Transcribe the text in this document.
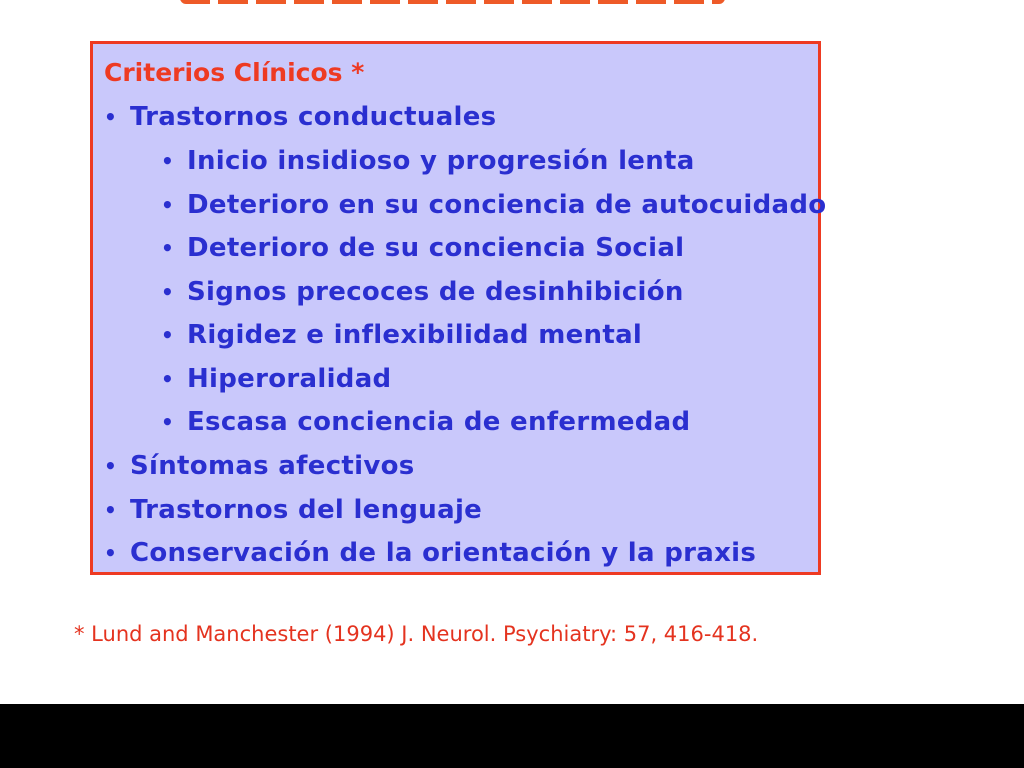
Criterios Clínicos *
• Trastornos conductuales
• Inicio insidioso y progresión lenta
• Deterioro en su conciencia de autocuidado
• Deterioro de su conciencia Social
• Signos precoces de desinhibición
• Rigidez e inflexibilidad mental
• Hiperoralidad
• Escasa conciencia de enfermedad
• Síntomas afectivos
• Trastornos del lenguaje
• Conservación de la orientación y la praxis
* Lund and Manchester (1994) J. Neurol. Psychiatry: 57, 416-418.
